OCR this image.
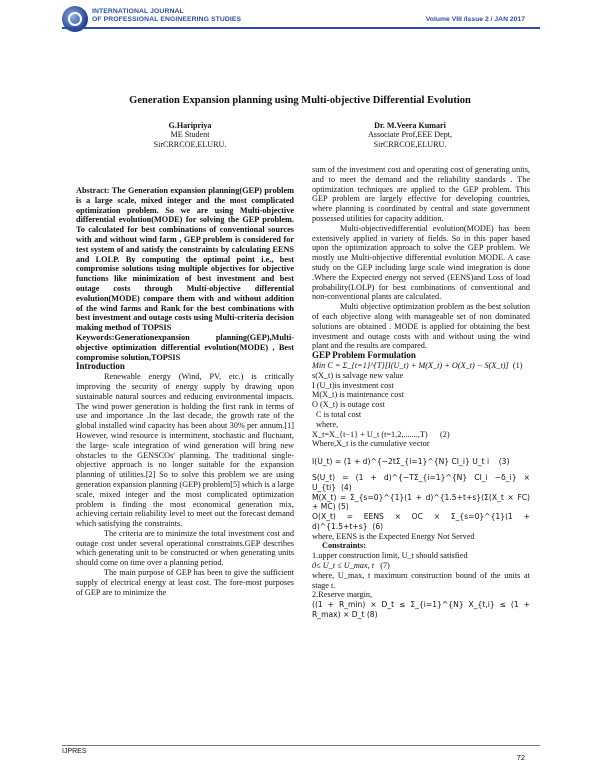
INTERNATIONAL JOURNAL
OF PROFESSIONAL ENGINEERING STUDIES	Volume VIII /Issue 2 / JAN 2017
Generation Expansion planning using Multi-objective Differential Evolution
G.Haripriya
ME Student
SirCRRCOE,ELURU.
Dr. M.Veera Kumari
Associate Prof,EEE Dept,
SirCRRCOE,ELURU.

Abstract: The Generation expansion planning(GEP) problem is a large scale, mixed integer and the most complicated optimization problem. So we are using Multi-objective differential evolution(MODE) for solving the GEP problem. To calculated for best combinations of conventional sources with and without wind farm , GEP problem is considered for test system of and satisfy the constraints by calculating EENS and LOLP. By computing the optimal point i.e., best compromise solutions using multiple objectives for objective functions like minimization of best investment and best outage costs through Multi-objective differential evolution(MODE) compare them with and without addition of the wind farms and Rank for the best combinations with best investment and outage costs using Multi-criteria decision making method of TOPSIS

Keywords:Generationexpansion planning(GEP),Multi-objective optimization differential evolution(MODE) , Best compromise solution,TOPSIS

Introduction

Renewable energy (Wind, PV, etc.) is critically improving the security of energy supply by drawing upon sustainable natural sources and reducing environmental impacts. The wind power generation is holding the first rank in terms of use and importance .In the last decade, the growth rate of the global installed wind capacity has been about 30% per annum.[1] However, wind resource is intermittent, stochastic and fluctuant, the large- scale integration of wind generation will bring new obstacles to the GENSCOs' planning. The traditional single-objective approach is no longer suitable for the expansion planning of utilities.[2] So to solve this problem we are using generation expansion planning (GEP) problem[5] which is a large scale, mixed integer and the most complicated optimization problem is finding the most economical generation mix, achieving certain reliability level to meet out the forecast demand which satisfying the constraints.

The criteria are to minimize the total investment cost and outage cost under several operational constraints.GEP describes which generating unit to be constructed or when generating units should come on time over a planning period.

The main purpose of GEP has been to give the sufficient supply of electrical energy at least cost. The fore-most purposes of GEP are to minimize the

sum of the investment cost and operating cost of generating units, and to meet the demand and the reliability standards . The optimization techniques are applied to the GEP problem. This GEP problem are largely effective for developing countries, where planning is coordinated by central and state government possessed utilities for capacity addition.

Multi-objectivedifferential evolution(MODE) has been extensively applied in variety of fields. So in this paper based upon the optimization approach to solve the GEP problem. We mostly use Multi-objective differential evolution MODE. A case study on the GEP including large scale wind integration is done .Where the Expected energy not served (EENS)and Loss of load probability(LOLP) for best combinations of conventional and non-conventional plants are calculated.

Multi objective optimization problem as the best solution of each objective along with manageable set of non dominated solutions are obtained . MODE is applied for obtaining the best investment and outage costs with and without using the wind plant and the results are compared.

GEP Problem Formulation

Min C = Σ_{t=1}^{T}[I(U_t) + M(X_t) + O(X_t) − S(X_t)] (1)

s(X_t) is salvage new value

I (U_t)is investment cost

M(X_t) is maintenance cost

O (X_t) is outage cost

C is total cost

where,

X_t=X_{t−1} + U_t (t=1,2,.......,T) (2)

Where,X_t is the cumulative vector

I(U_t) = (1 + d)^{−2tΣ_{i=1}^{N} CI_i} U_t i (3)

S(U_t) = (1 + d)^{−TΣ_{i=1}^{N} CI_i −δ_i} × U_{ti} (4)

M(X_t) = Σ_{s=0}^{1}(1 + d)^{1.5+t+s}(Σ(X_t × FC) + MC) (5)

O(X_t) = EENS × OC × Σ_{s=0}^{1}(1 + d)^{1.5+t+s} (6)

where, EENS is the Expected Energy Not Served

Constraints:

1.upper construction limit, U_t should satisfied

0≤ U_t ≤ U_max, t (7)

where, U_max, t maximum construction bound of the units at stage t.

2.Reserve margin,

((1 + R_min) × D_t ≤ Σ_{i=1}^{N} X_{t,i} ≤ (1 + R_max) × D_t (8)

IJPRES
72
